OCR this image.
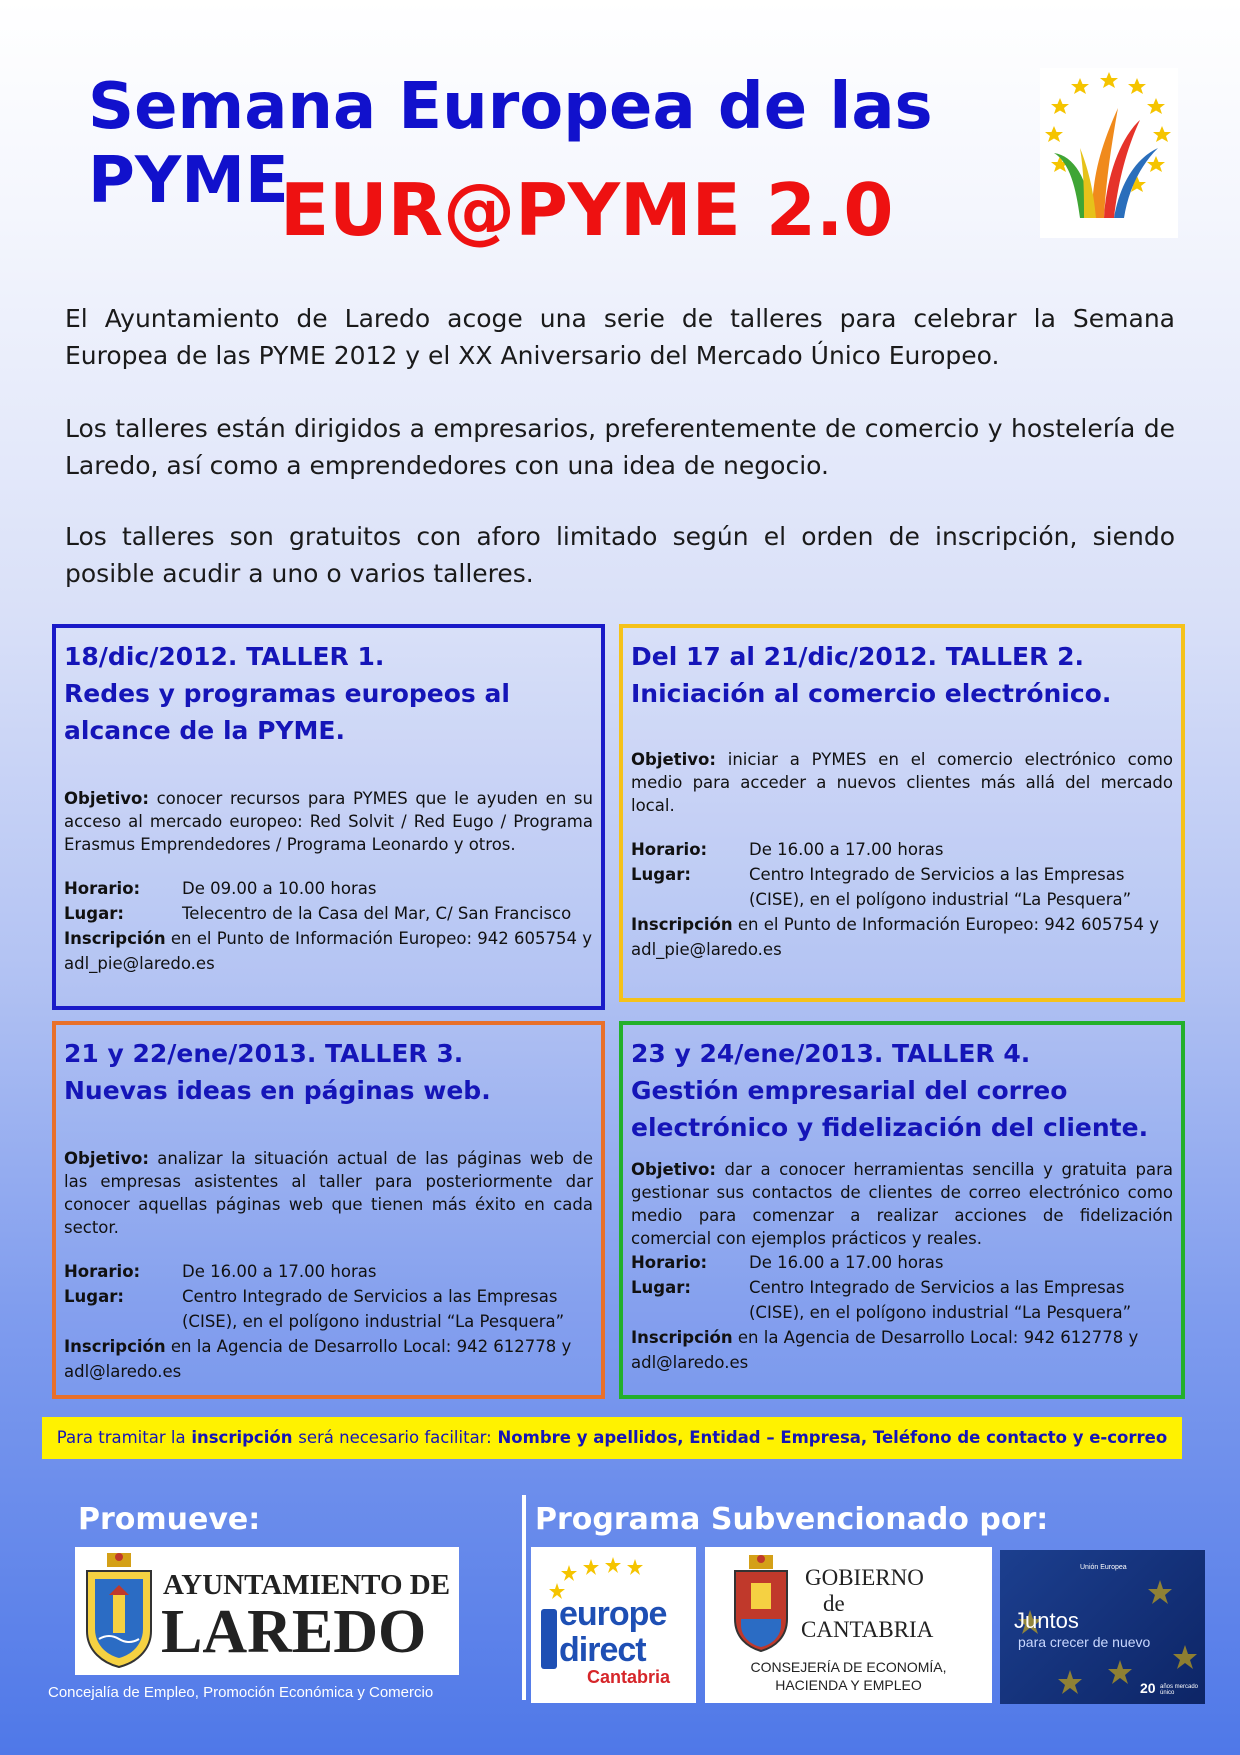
Semana Europea de las PYME
EUR@PYME 2.0

El Ayuntamiento de Laredo acoge una serie de talleres para celebrar la Semana Europea de las PYME 2012 y el XX Aniversario del Mercado Único Europeo.

Los talleres están dirigidos a empresarios, preferentemente de comercio y hostelería de Laredo, así como a emprendedores con una idea de negocio.

Los talleres son gratuitos con aforo limitado según el orden de inscripción, siendo posible acudir a uno o varios talleres.

18/dic/2012. TALLER 1.
Redes y programas europeos al
alcance de la PYME.
Objetivo: conocer recursos para PYMES que le ayuden en su acceso al mercado europeo: Red Solvit / Red Eugo / Programa Erasmus Emprendedores / Programa Leonardo y otros.
Horario:	De 09.00 a 10.00 horas
Lugar:	Telecentro de la Casa del Mar, C/ San Francisco
Inscripción en el Punto de Información Europeo: 942 605754 y
adl_pie@laredo.es
Del 17 al 21/dic/2012. TALLER 2.
Iniciación al comercio electrónico.
Objetivo: iniciar a PYMES en el comercio electrónico como medio para acceder a nuevos clientes más allá del mercado local.
Horario:	De 16.00 a 17.00 horas
Lugar:	Centro Integrado de Servicios a las Empresas
(CISE), en el polígono industrial “La Pesquera”
Inscripción en el Punto de Información Europeo: 942 605754 y
adl_pie@laredo.es
21 y 22/ene/2013. TALLER 3.
Nuevas ideas en páginas web.
Objetivo: analizar la situación actual de las páginas web de las empresas asistentes al taller para posteriormente dar conocer aquellas páginas web que tienen más éxito en cada sector.
Horario:	De 16.00 a 17.00 horas
Lugar:	Centro Integrado de Servicios a las Empresas
(CISE), en el polígono industrial “La Pesquera”
Inscripción en la Agencia de Desarrollo Local: 942 612778 y
adl@laredo.es
23 y 24/ene/2013. TALLER 4.
Gestión empresarial del correo
electrónico y fidelización del cliente.
Objetivo: dar a conocer herramientas sencilla y gratuita para gestionar sus contactos de clientes de correo electrónico como medio para comenzar a realizar acciones de fidelización comercial con ejemplos prácticos y reales.
Horario:	De 16.00 a 17.00 horas
Lugar:	Centro Integrado de Servicios a las Empresas
(CISE), en el polígono industrial “La Pesquera”
Inscripción en la Agencia de Desarrollo Local: 942 612778 y
adl@laredo.es
Para tramitar la inscripción será necesario facilitar: Nombre y apellidos, Entidad – Empresa, Teléfono de contacto y e-correo
Promueve:	Programa Subvencionado por:
AYUNTAMIENTO DE
LAREDO
Concejalía de Empleo, Promoción Económica y Comercio
europe
direct
Cantabria
GOBIERNO
de
CANTABRIA
CONSEJERÍA DE ECONOMÍA,
HACIENDA Y EMPLEO
Unión Europea
Juntos
para crecer de nuevo
20 años mercado único
